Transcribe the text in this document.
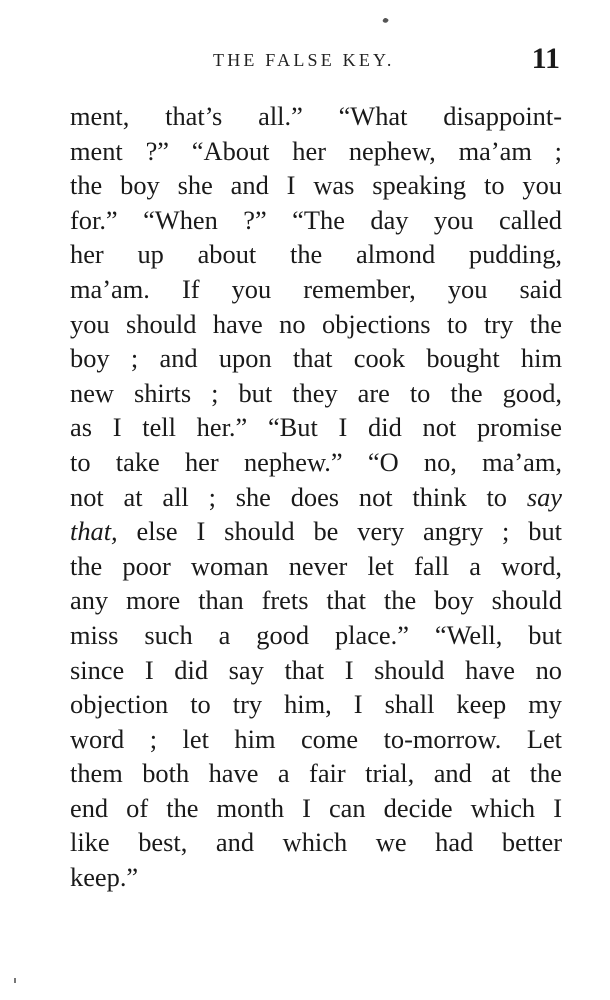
THE FALSE KEY.	11
ment, that’s all.” “What disappoint-
ment ?” “About her nephew, ma’am ;
the boy she and I was speaking to you
for.” “When ?” “The day you called
her up about the almond pudding,
ma’am. If you remember, you said
you should have no objections to try the
boy ; and upon that cook bought him
new shirts ; but they are to the good,
as I tell her.” “But I did not promise
to take her nephew.” “O no, ma’am,
not at all ; she does not think to say
that, else I should be very angry ; but
the poor woman never let fall a word,
any more than frets that the boy should
miss such a good place.” “Well, but
since I did say that I should have no
objection to try him, I shall keep my
word ; let him come to-morrow. Let
them both have a fair trial, and at the
end of the month I can decide which I
like best, and which we had better
keep.”
